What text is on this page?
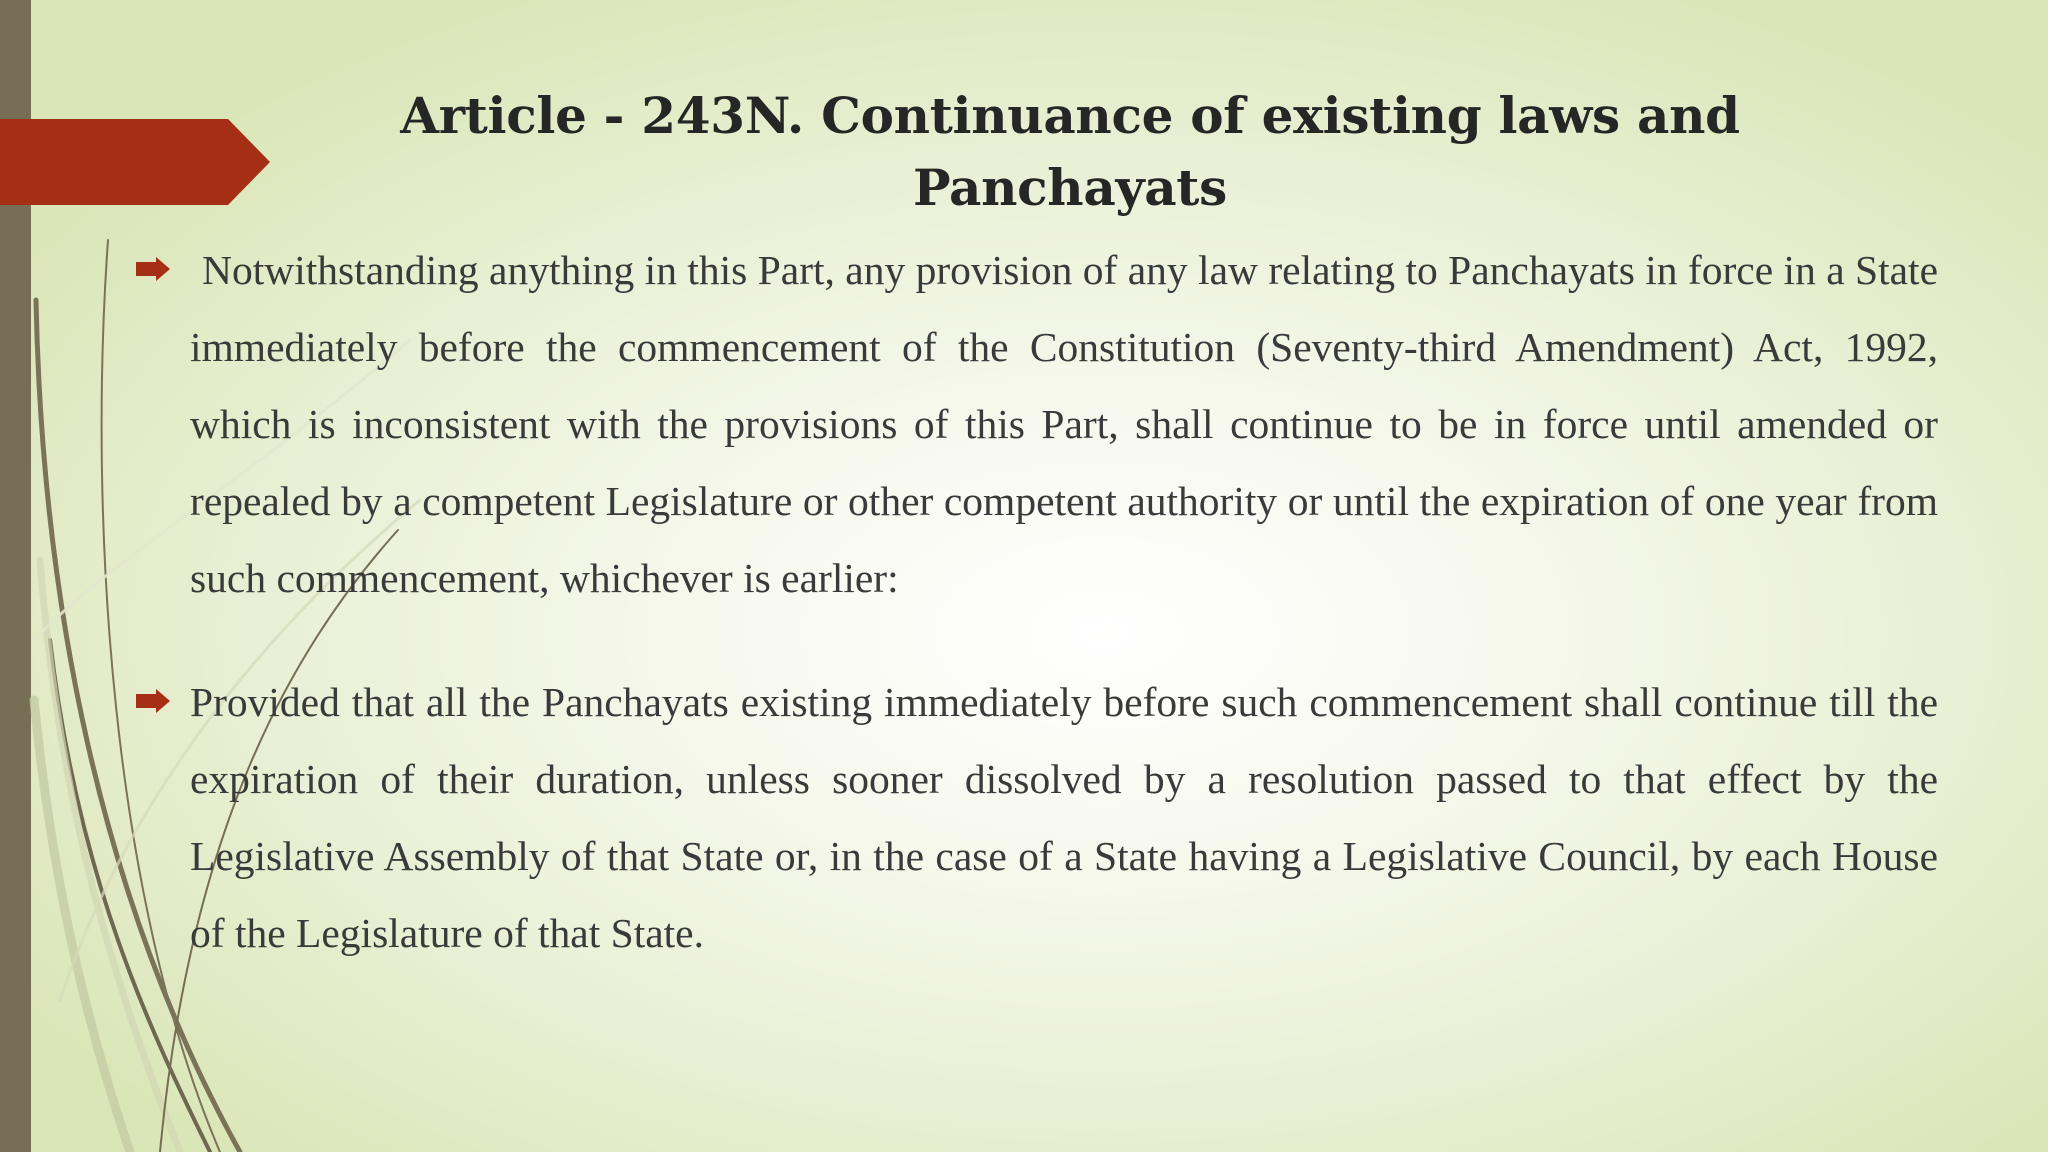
Article - 243N. Continuance of existing laws and Panchayats
Notwithstanding anything in this Part, any provision of any law relating to Panchayats in force in a State immediately before the commencement of the Constitution (Seventy-third Amendment) Act, 1992, which is inconsistent with the provisions of this Part, shall continue to be in force until amended or repealed by a competent Legislature or other competent authority or until the expiration of one year from such commencement, whichever is earlier:
Provided that all the Panchayats existing immediately before such commencement shall continue till the expiration of their duration, unless sooner dissolved by a resolution passed to that effect by the Legislative Assembly of that State or, in the case of a State having a Legislative Council, by each House of the Legislature of that State.
